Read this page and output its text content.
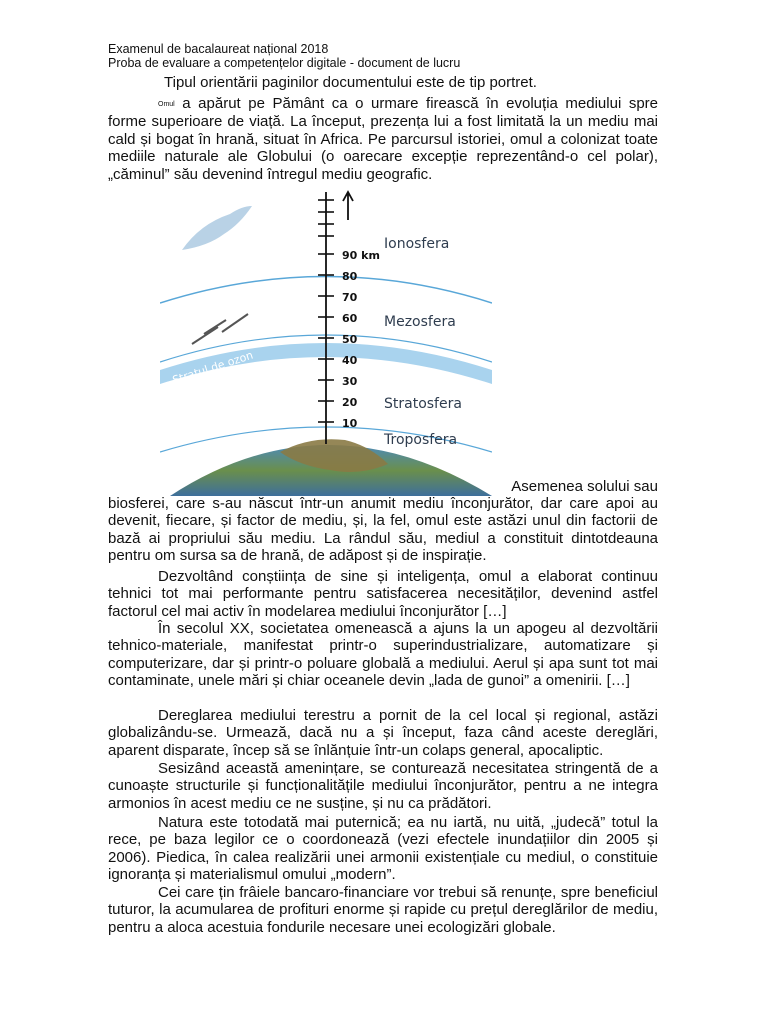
Examenul de bacalaureat național 2018
Proba de evaluare a competențelor digitale - document de lucru

Tipul orientării paginilor documentului este de tip portret.

Omul a apărut pe Pământ ca o urmare firească în evoluția mediului spre forme superioare de viață. La început, prezența lui a fost limitată la un mediu mai cald și bogat în hrană, situat în Africa. Pe parcursul istoriei, omul a colonizat toate mediile naturale ale Globului (o oarecare excepție reprezentând-o cel polar), „căminul” său devenind întregul mediu geografic.

90 km
80
70
60
50
40
30
20
10
Ionosfera
Mezosfera
Stratosfera
Troposfera
Stratul de ozon

Asemenea solului sau

biosferei, care s-au născut într-un anumit mediu înconjurător, dar care apoi au devenit, fiecare, și factor de mediu, și, la fel, omul este astăzi unul din factorii de bază ai propriului său mediu. La rândul său, mediul a constituit dintotdeauna pentru om sursa sa de hrană, de adăpost și de inspirație.

Dezvoltând conștiința de sine și inteligența, omul a elaborat continuu tehnici tot mai performante pentru satisfacerea necesităților, devenind astfel factorul cel mai activ în modelarea mediului înconjurător […]

În secolul XX, societatea omenească a ajuns la un apogeu al dezvoltării tehnico-materiale, manifestat printr-o superindustrializare, automatizare și computerizare, dar și printr-o poluare globală a mediului. Aerul și apa sunt tot mai contaminate, unele mări și chiar oceanele devin „lada de gunoi” a omenirii. […]

Dereglarea mediului terestru a pornit de la cel local și regional, astăzi globalizându-se. Urmează, dacă nu a și început, faza când aceste dereglări, aparent disparate, încep să se înlănțuie într-un colaps general, apocaliptic.

Sesizând această amenințare, se conturează necesitatea stringentă de a cunoaște structurile și funcționalitățile mediului înconjurător, pentru a ne integra armonios în acest mediu ce ne susține, și nu ca prădători.

Natura este totodată mai puternică; ea nu iartă, nu uită, „judecă” totul la rece, pe baza legilor ce o coordonează (vezi efectele inundațiilor din 2005 și 2006). Piedica, în calea realizării unei armonii existențiale cu mediul, o constituie ignoranța și materialismul omului „modern”.

Cei care țin frâiele bancaro-financiare vor trebui să renunțe, spre beneficiul tuturor, la acumularea de profituri enorme și rapide cu prețul dereglărilor de mediu, pentru a aloca acestuia fondurile necesare unei ecologizări globale.
